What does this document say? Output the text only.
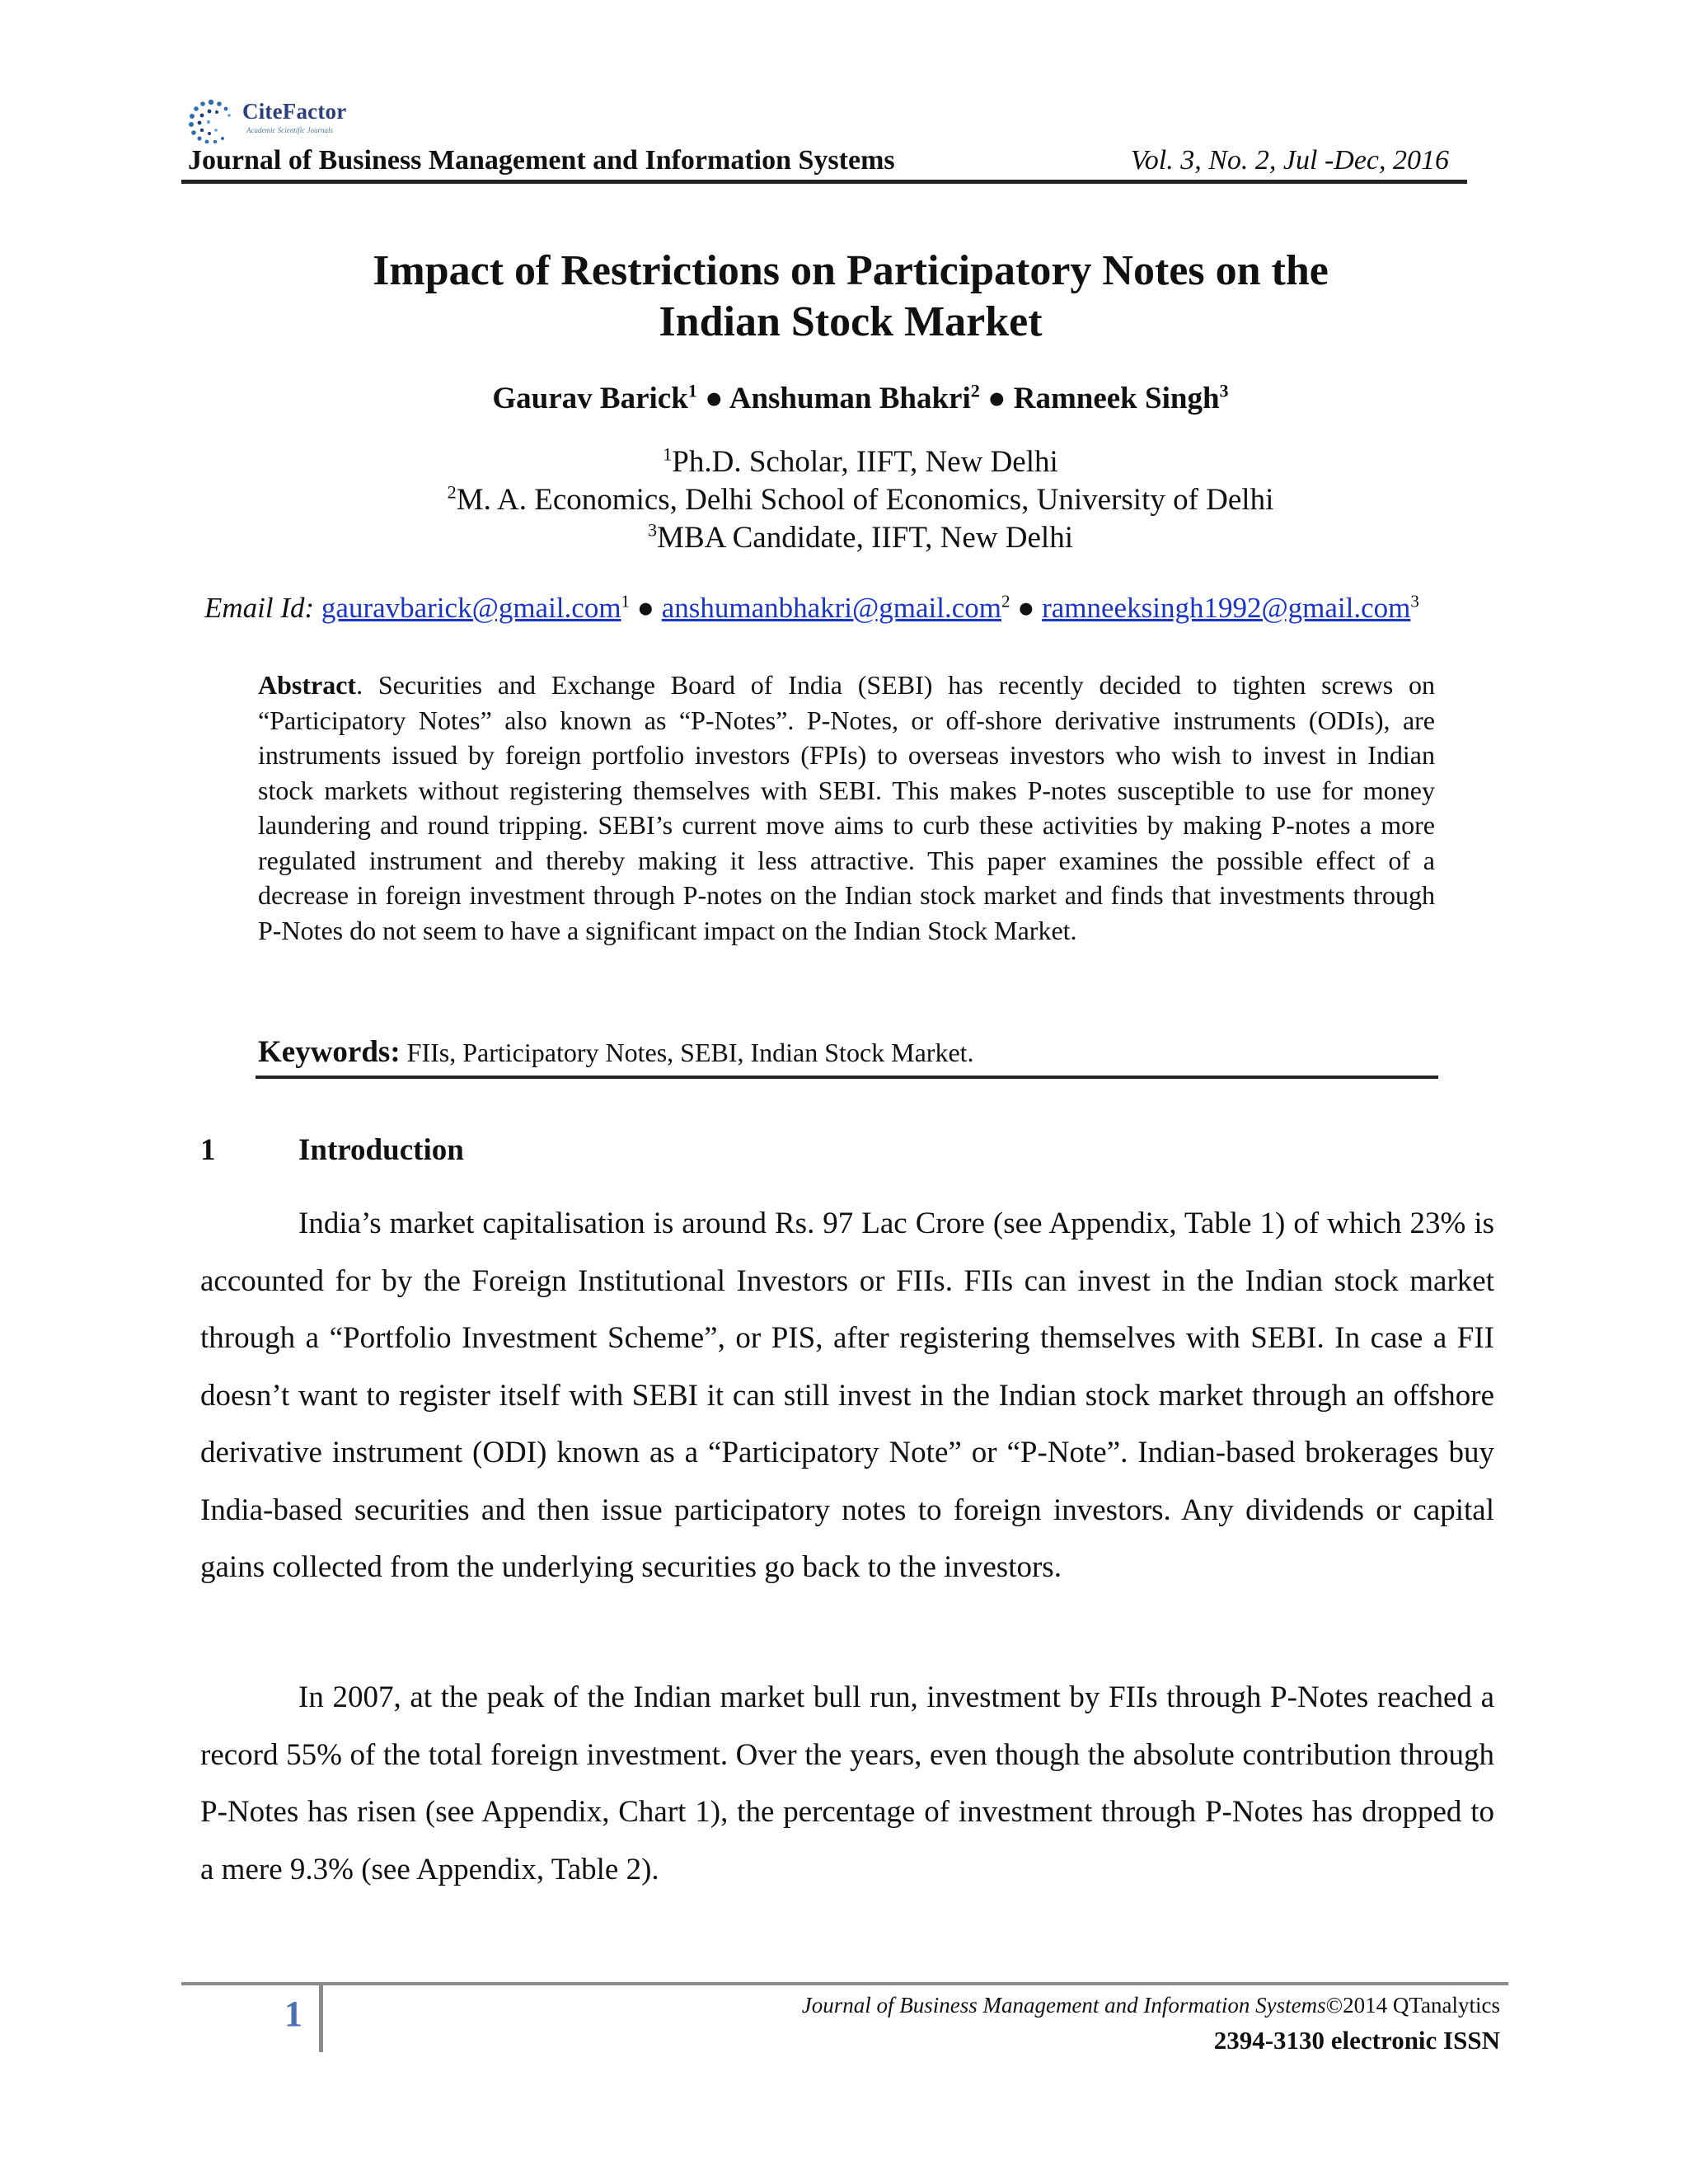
CiteFactor
Academic Scientific Journals
Journal of Business Management and Information Systems	Vol. 3, No. 2, Jul -Dec, 2016
Impact of Restrictions on Participatory Notes on the
Indian Stock Market
Gaurav Barick$^1$ ● Anshuman Bhakri$^2$ ● Ramneek Singh$^3$
$^1$Ph.D. Scholar, IIFT, New Delhi
$^2$M. A. Economics, Delhi School of Economics, University of Delhi
$^3$MBA Candidate, IIFT, New Delhi
Email Id: gauravbarick@gmail.com$^1$ ● anshumanbhakri@gmail.com$^2$ ● ramneeksingh1992@gmail.com$^3$
Abstract. Securities and Exchange Board of India (SEBI) has recently decided to tighten screws on “Participatory Notes” also known as “P-Notes”. P-Notes, or off-shore derivative instruments (ODIs), are instruments issued by foreign portfolio investors (FPIs) to overseas investors who wish to invest in Indian stock markets without registering themselves with SEBI. This makes P-notes susceptible to use for money laundering and round tripping. SEBI’s current move aims to curb these activities by making P-notes a more regulated instrument and thereby making it less attractive. This paper examines the possible effect of a decrease in foreign investment through P-notes on the Indian stock market and finds that investments through P-Notes do not seem to have a significant impact on the Indian Stock Market.
Keywords: FIIs, Participatory Notes, SEBI, Indian Stock Market.
1	Introduction
India’s market capitalisation is around Rs. 97 Lac Crore (see Appendix, Table 1) of which 23% is accounted for by the Foreign Institutional Investors or FIIs. FIIs can invest in the Indian stock market through a “Portfolio Investment Scheme”, or PIS, after registering themselves with SEBI. In case a FII doesn’t want to register itself with SEBI it can still invest in the Indian stock market through an offshore derivative instrument (ODI) known as a “Participatory Note” or “P-Note”. Indian-based brokerages buy India-based securities and then issue participatory notes to foreign investors. Any dividends or capital gains collected from the underlying securities go back to the investors.
In 2007, at the peak of the Indian market bull run, investment by FIIs through P-Notes reached a record 55% of the total foreign investment. Over the years, even though the absolute contribution through P-Notes has risen (see Appendix, Chart 1), the percentage of investment through P-Notes has dropped to a mere 9.3% (see Appendix, Table 2).
1	Journal of Business Management and Information Systems©2014 QTanalytics
2394-3130 electronic ISSN
